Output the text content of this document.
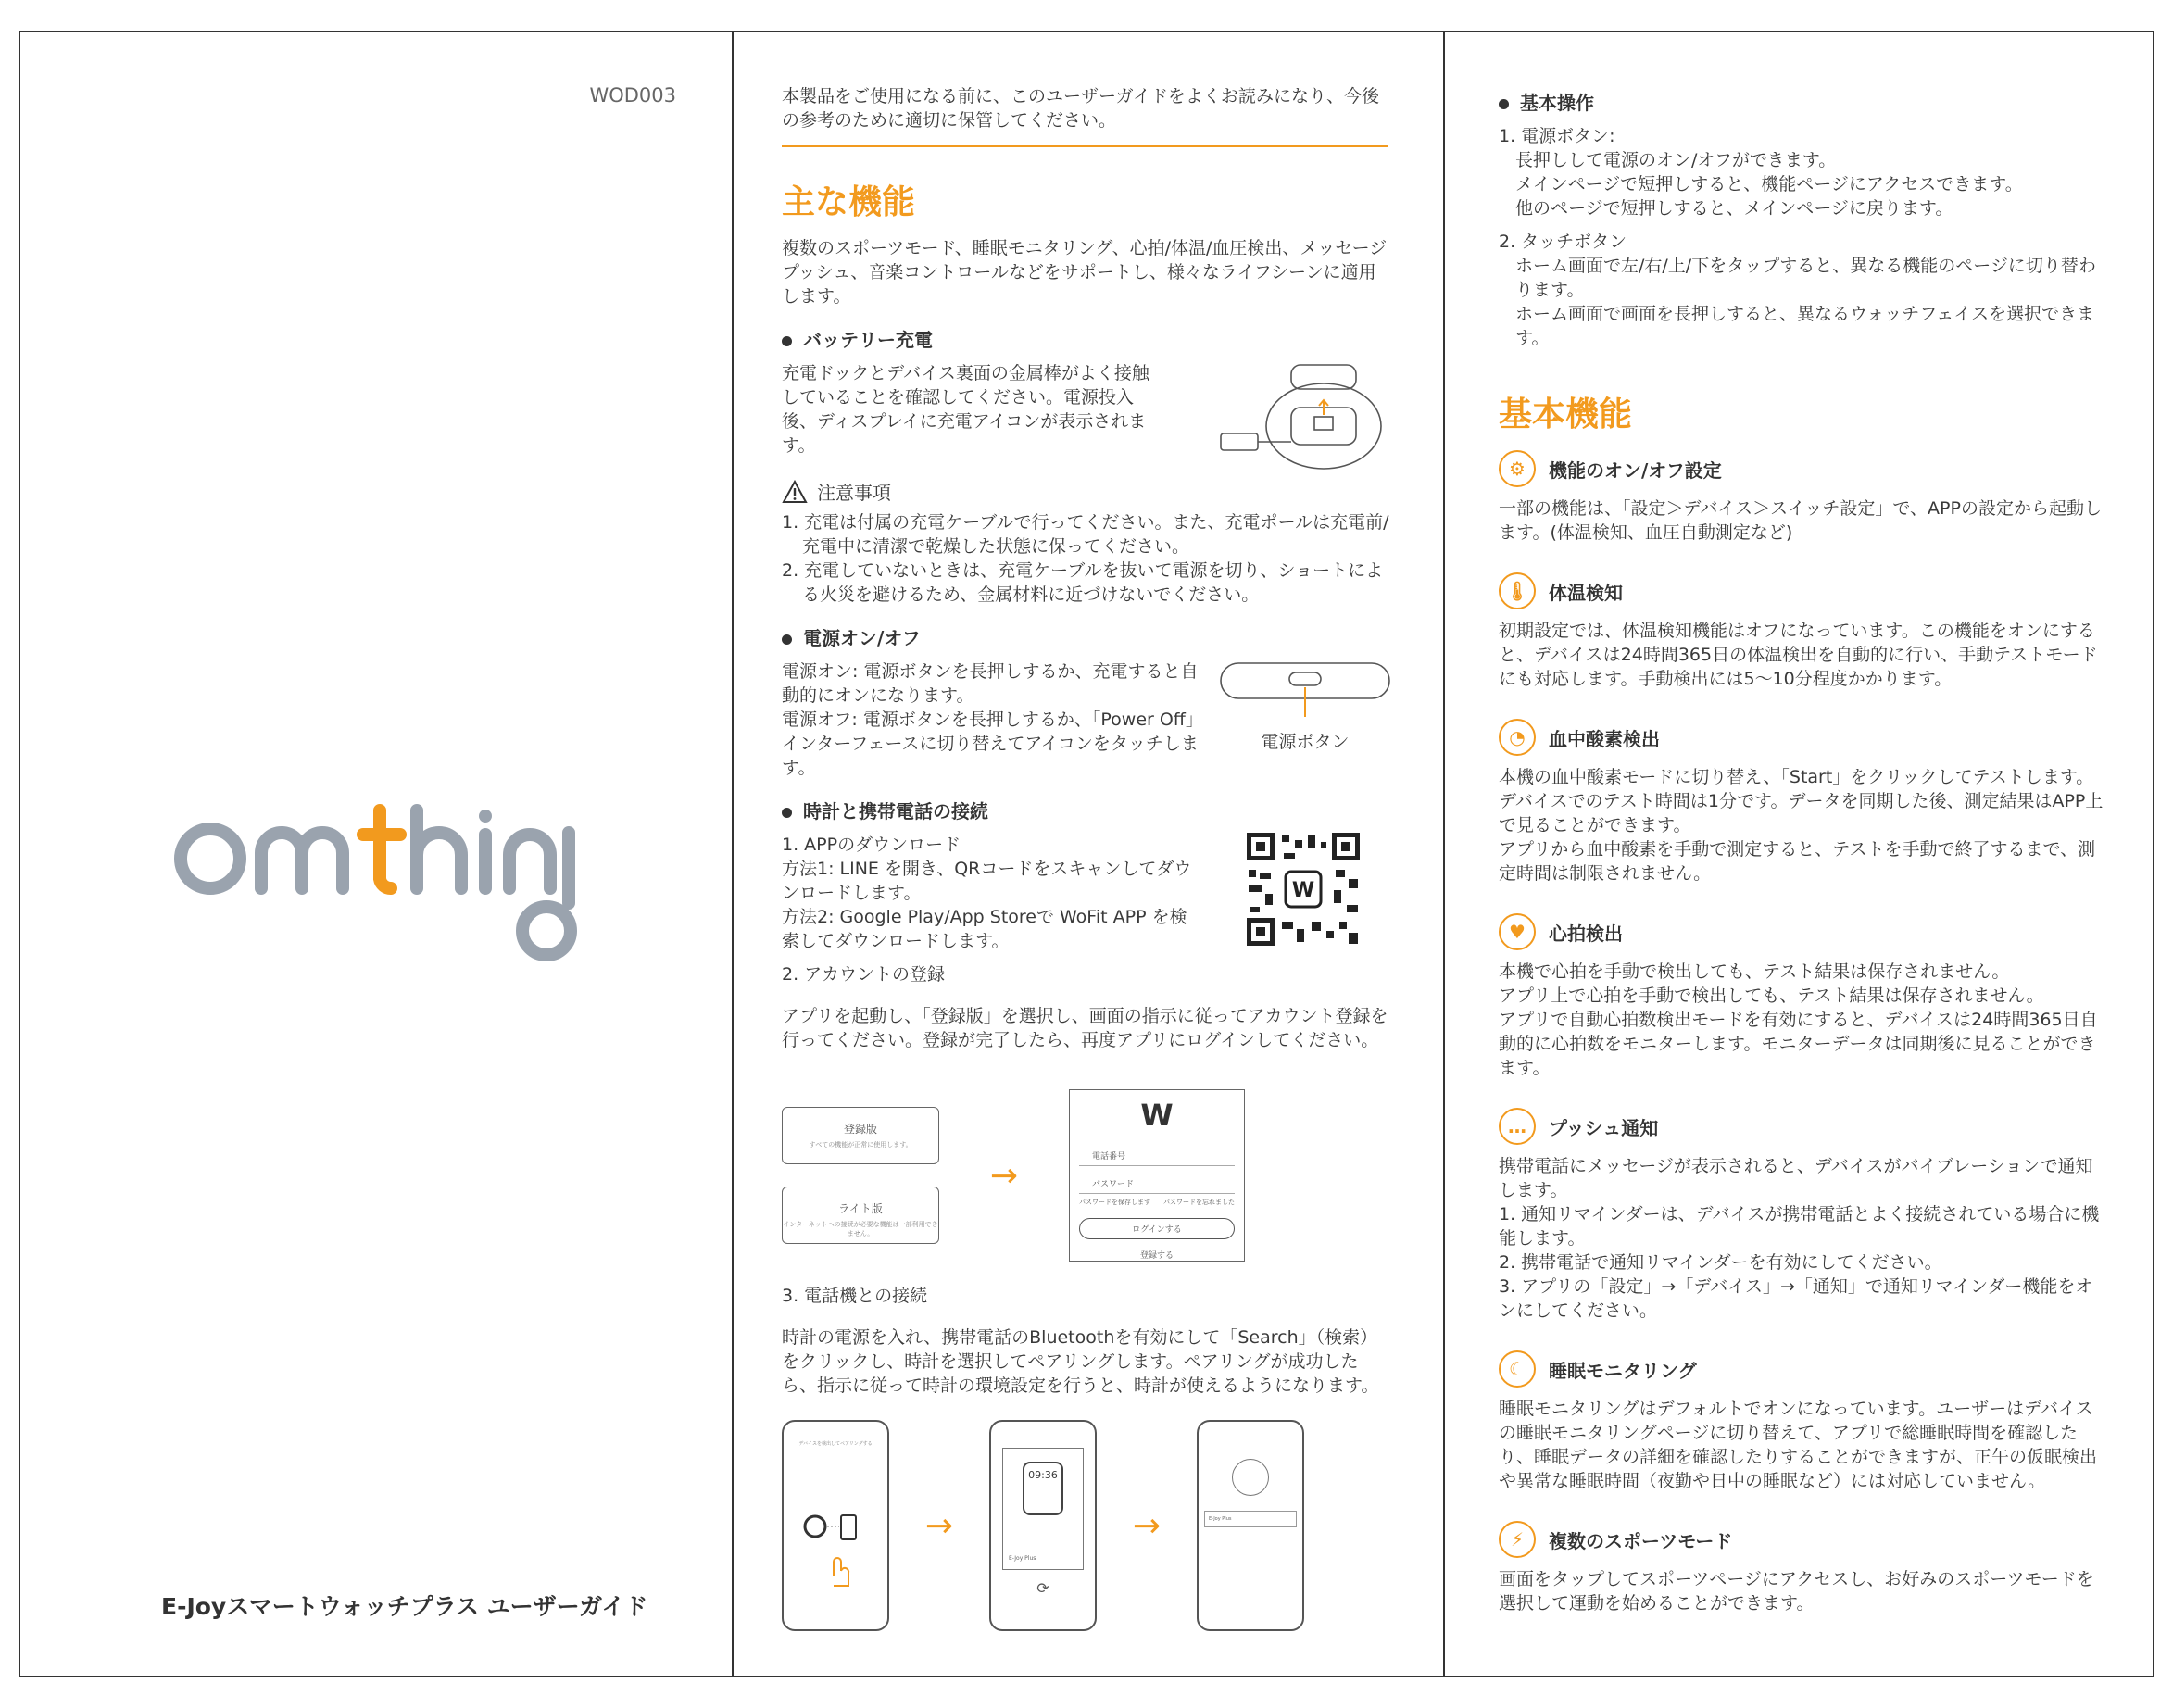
WOD003
omthing
E-Joyスマートウォッチプラス ユーザーガイド
本製品をご使用になる前に、このユーザーガイドをよくお読みになり、今後の参考のために適切に保管してください。
主な機能

複数のスポーツモード、睡眠モニタリング、心拍/体温/血圧検出、メッセージプッシュ、音楽コントロールなどをサポートし、様々なライフシーンに適用します。

バッテリー充電

充電ドックとデバイス裏面の金属棒がよく接触していることを確認してください。電源投入後、ディスプレイに充電アイコンが表示されます。

注意事項
1. 充電は付属の充電ケーブルで行ってください。また、充電ポールは充電前/充電中に清潔で乾燥した状態に保ってください。
2. 充電していないときは、充電ケーブルを抜いて電源を切り、ショートによる火災を避けるため、金属材料に近づけないでください。
電源オン/オフ

電源オン: 電源ボタンを長押しするか、充電すると自動的にオンになります。

電源オフ: 電源ボタンを長押しするか、「Power Off」インターフェースに切り替えてアイコンをタッチします。

電源ボタン
時計と携帯電話の接続

1. APPのダウンロード

方法1: LINE を開き、QRコードをスキャンしてダウンロードします。

方法2: Google Play/App Storeで WoFit APP を検索してダウンロードします。

W

2. アカウントの登録

アプリを起動し、「登録版」を選択し、画面の指示に従ってアカウント登録を行ってください。登録が完了したら、再度アプリにログインしてください。

登録版
すべての機能が正常に使用します。
ライト版
インターネットへの接続が必要な機能は一部利用できません。
→
W
電話番号
パスワード
パスワードを保存します パスワードを忘れました
ログインする
登録する

3. 電話機との接続

時計の電源を入れ、携帯電話のBluetoothを有効にして「Search」（検索）をクリックし、時計を選択してペアリングします。ペアリングが成功したら、指示に従って時計の環境設定を行うと、時計が使えるようになります。

デバイスを検出してペアリングする
→
09:36
E-Joy Plus
⟳
→	E-Joy Plus
基本操作

1. 電源ボタン:

長押しして電源のオン/オフができます。

メインページで短押しすると、機能ページにアクセスできます。

他のページで短押しすると、メインページに戻ります。

2. タッチボタン

ホーム画面で左/右/上/下をタップすると、異なる機能のページに切り替わります。

ホーム画面で画面を長押しすると、異なるウォッチフェイスを選択できます。

基本機能
⚙	機能のオン/オフ設定

一部の機能は、「設定＞デバイス＞スイッチ設定」で、APPの設定から起動します。(体温検知、血圧自動測定など)

🌡	体温検知

初期設定では、体温検知機能はオフになっています。この機能をオンにすると、デバイスは24時間365日の体温検出を自動的に行い、手動テストモードにも対応します。手動検出には5〜10分程度かかります。

◔	血中酸素検出

本機の血中酸素モードに切り替え、「Start」をクリックしてテストします。デバイスでのテスト時間は1分です。データを同期した後、測定結果はAPP上で見ることができます。
アプリから血中酸素を手動で測定すると、テストを手動で終了するまで、測定時間は制限されません。

♥	心拍検出

本機で心拍を手動で検出しても、テスト結果は保存されません。
アプリ上で心拍を手動で検出しても、テスト結果は保存されません。
アプリで自動心拍数検出モードを有効にすると、デバイスは24時間365日自動的に心拍数をモニターします。モニターデータは同期後に見ることができます。

…	プッシュ通知

携帯電話にメッセージが表示されると、デバイスがバイブレーションで通知します。
1. 通知リマインダーは、デバイスが携帯電話とよく接続されている場合に機能します。
2. 携帯電話で通知リマインダーを有効にしてください。
3. アプリの「設定」→「デバイス」→「通知」で通知リマインダー機能をオンにしてください。

☾	睡眠モニタリング

睡眠モニタリングはデフォルトでオンになっています。ユーザーはデバイスの睡眠モニタリングページに切り替えて、アプリで総睡眠時間を確認したり、睡眠データの詳細を確認したりすることができますが、正午の仮眠検出や異常な睡眠時間（夜勤や日中の睡眠など）には対応していません。

⚡	複数のスポーツモード

画面をタップしてスポーツページにアクセスし、お好みのスポーツモードを選択して運動を始めることができます。
